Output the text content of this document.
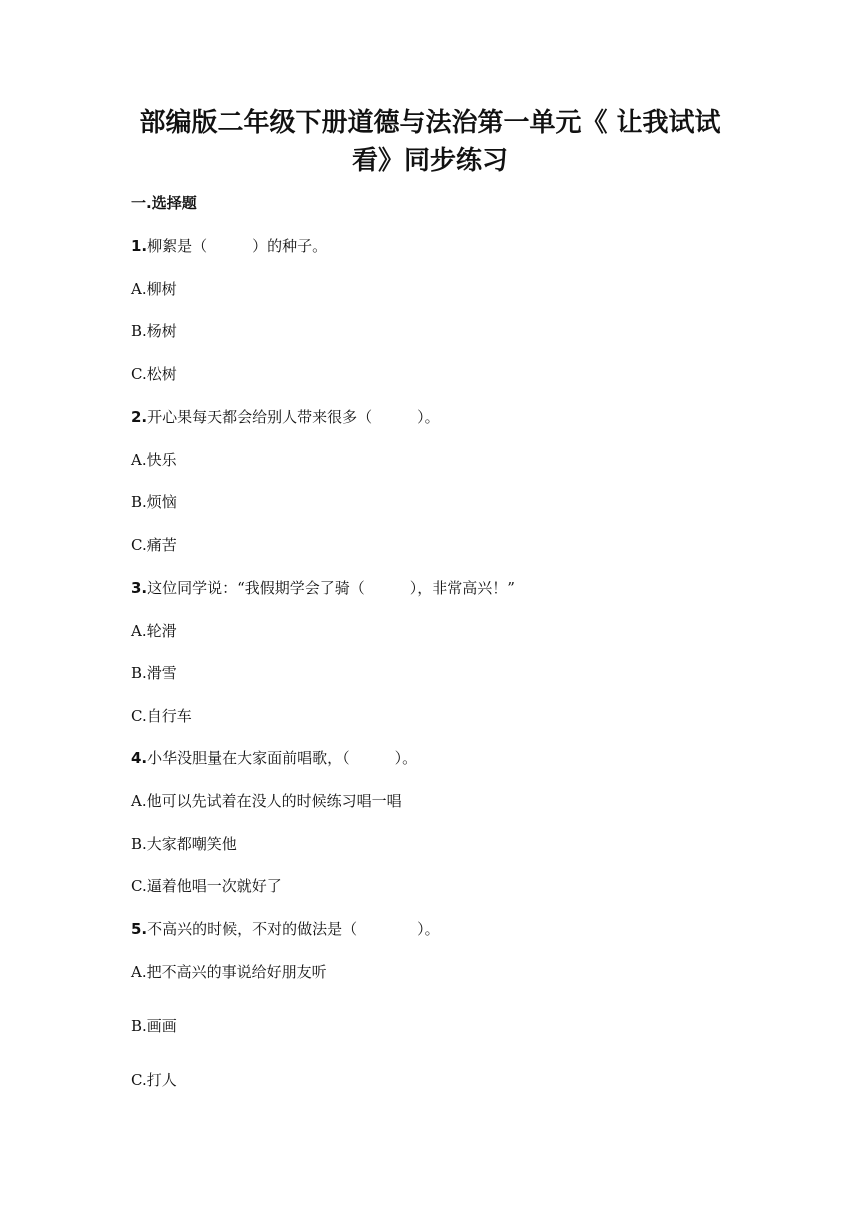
部编版二年级下册道德与法治第一单元《 让我试试看》同步练习
一.选择题
1.柳絮是（　　　）的种子。
A.柳树
B.杨树
C.松树
2.开心果每天都会给别人带来很多（　　　）。
A.快乐
B.烦恼
C.痛苦
3.这位同学说：“我假期学会了骑（　　　），非常高兴！”
A.轮滑
B.滑雪
C.自行车
4.小华没胆量在大家面前唱歌，（　　　）。
A.他可以先试着在没人的时候练习唱一唱
B.大家都嘲笑他
C.逼着他唱一次就好了
5.不高兴的时候，不对的做法是（　　　　）。
A.把不高兴的事说给好朋友听
B.画画
C.打人
